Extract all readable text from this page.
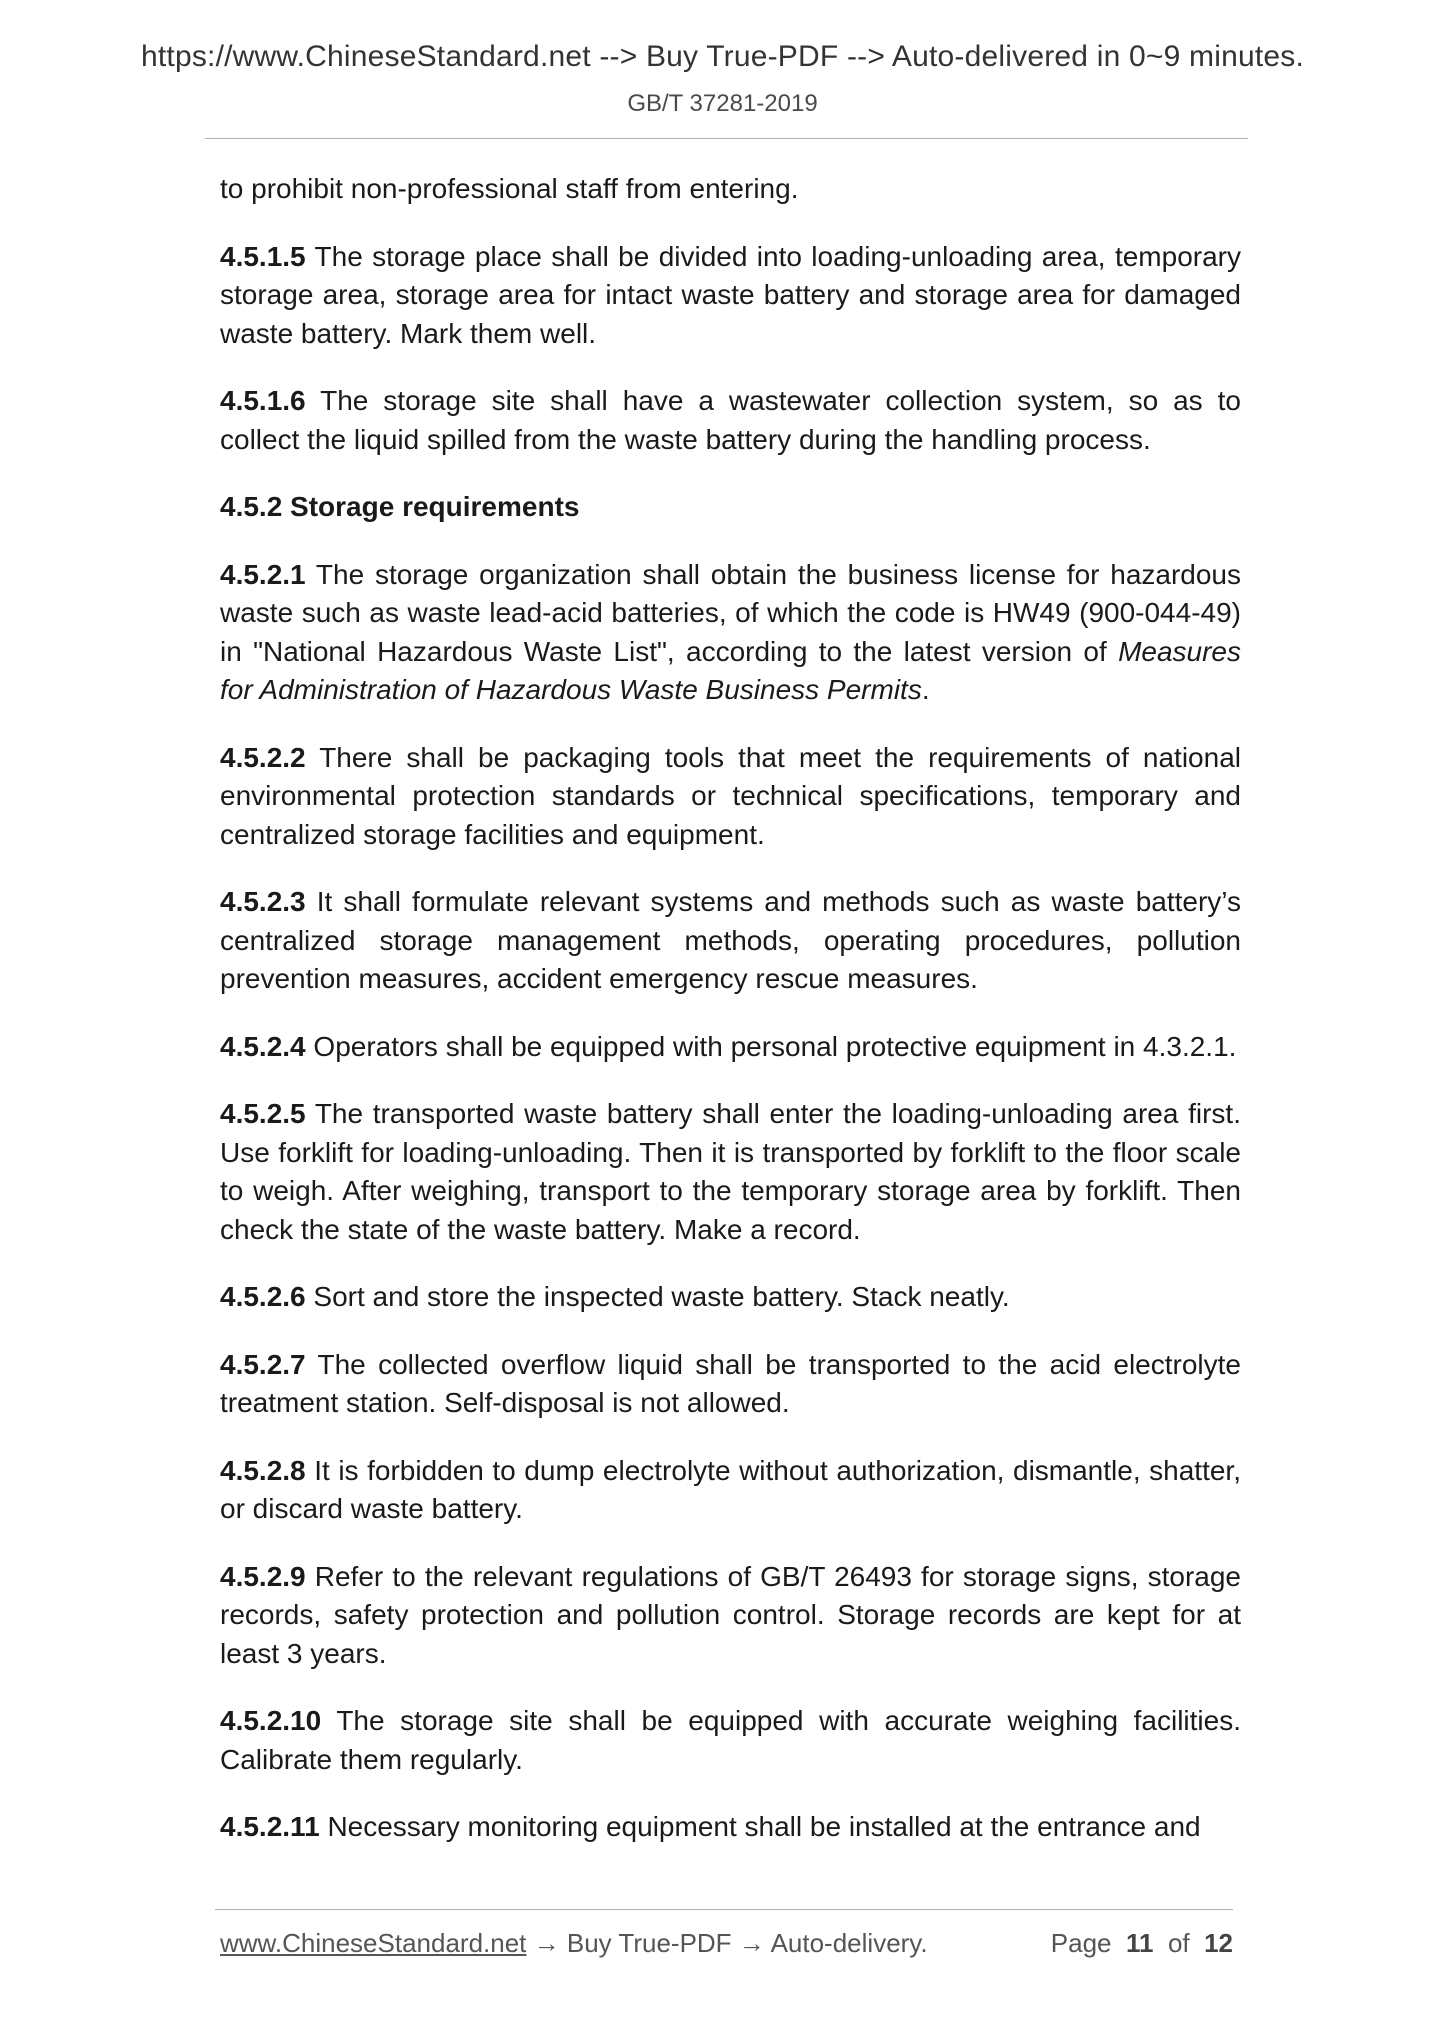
https://www.ChineseStandard.net --> Buy True-PDF --> Auto-delivered in 0~9 minutes.
GB/T 37281-2019

to prohibit non-professional staff from entering.

4.5.1.5 The storage place shall be divided into loading-unloading area, temporary storage area, storage area for intact waste battery and storage area for damaged waste battery. Mark them well.

4.5.1.6 The storage site shall have a wastewater collection system, so as to collect the liquid spilled from the waste battery during the handling process.

4.5.2 Storage requirements

4.5.2.1 The storage organization shall obtain the business license for hazardous waste such as waste lead-acid batteries, of which the code is HW49 (900-044-49) in "National Hazardous Waste List", according to the latest version of Measures for Administration of Hazardous Waste Business Permits.

4.5.2.2 There shall be packaging tools that meet the requirements of national environmental protection standards or technical specifications, temporary and centralized storage facilities and equipment.

4.5.2.3 It shall formulate relevant systems and methods such as waste battery’s centralized storage management methods, operating procedures, pollution prevention measures, accident emergency rescue measures.

4.5.2.4 Operators shall be equipped with personal protective equipment in 4.3.2.1.

4.5.2.5 The transported waste battery shall enter the loading-unloading area first. Use forklift for loading-unloading. Then it is transported by forklift to the floor scale to weigh. After weighing, transport to the temporary storage area by forklift. Then check the state of the waste battery. Make a record.

4.5.2.6 Sort and store the inspected waste battery. Stack neatly.

4.5.2.7 The collected overflow liquid shall be transported to the acid electrolyte treatment station. Self-disposal is not allowed.

4.5.2.8 It is forbidden to dump electrolyte without authorization, dismantle, shatter, or discard waste battery.

4.5.2.9 Refer to the relevant regulations of GB/T 26493 for storage signs, storage records, safety protection and pollution control. Storage records are kept for at least 3 years.

4.5.2.10 The storage site shall be equipped with accurate weighing facilities. Calibrate them regularly.

4.5.2.11 Necessary monitoring equipment shall be installed at the entrance and

www.ChineseStandard.net → Buy True-PDF → Auto-delivery.	Page 11 of 12
